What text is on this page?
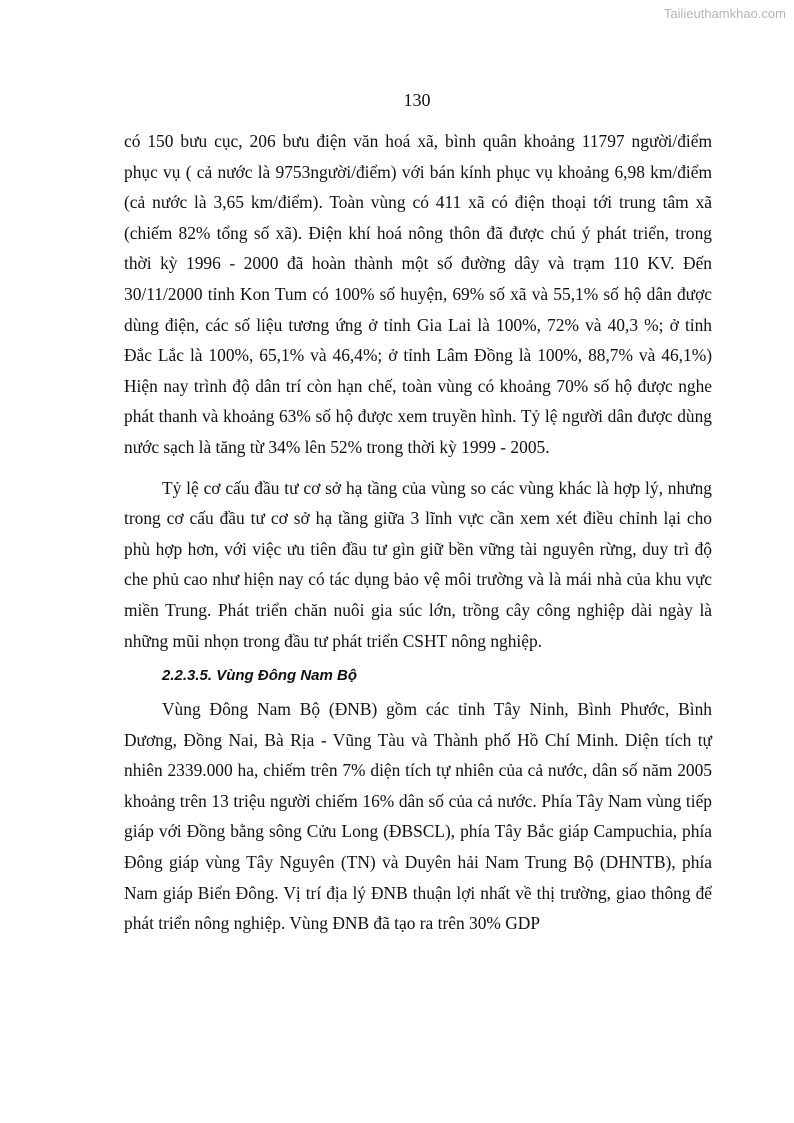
Tailieuthamkhao.com
130

có 150 bưu cục, 206 bưu điện văn hoá xã, bình quân khoảng 11797 người/điểm phục vụ ( cả nước là 9753người/điểm) với bán kính phục vụ khoảng 6,98 km/điểm (cả nước là 3,65 km/điểm). Toàn vùng có 411 xã có điện thoại tới trung tâm xã (chiếm 82% tổng số xã). Điện khí hoá nông thôn đã được chú ý phát triển, trong thời kỳ 1996 - 2000 đã hoàn thành một số đường dây và trạm 110 KV. Đến 30/11/2000 tỉnh Kon Tum có 100% số huyện, 69% số xã và 55,1% số hộ dân được dùng điện, các số liệu tương ứng ở tỉnh Gia Lai là 100%, 72% và 40,3 %; ở tỉnh Đắc Lắc là 100%, 65,1% và 46,4%; ở tỉnh Lâm Đồng là 100%, 88,7% và 46,1%) Hiện nay trình độ dân trí còn hạn chế, toàn vùng có khoảng 70% số hộ được nghe phát thanh và khoảng 63% số hộ được xem truyền hình. Tỷ lệ người dân được dùng nước sạch là tăng từ 34% lên 52% trong thời kỳ 1999 - 2005.

Tỷ lệ cơ cấu đầu tư cơ sở hạ tầng của vùng so các vùng khác là hợp lý, nhưng trong cơ cấu đầu tư cơ sở hạ tầng giữa 3 lĩnh vực cần xem xét điều chỉnh lại cho phù hợp hơn, với việc ưu tiên đầu tư gìn giữ bền vững tài nguyên rừng, duy trì độ che phủ cao như hiện nay có tác dụng bảo vệ môi trường và là mái nhà của khu vực miền Trung. Phát triển chăn nuôi gia súc lớn, trồng cây công nghiệp dài ngày là những mũi nhọn trong đầu tư phát triển CSHT nông nghiệp.

2.2.3.5. Vùng Đông Nam Bộ

Vùng Đông Nam Bộ (ĐNB) gồm các tỉnh Tây Ninh, Bình Phước, Bình Dương, Đồng Nai, Bà Rịa - Vũng Tàu và Thành phố Hồ Chí Minh. Diện tích tự nhiên 2339.000 ha, chiếm trên 7% diện tích tự nhiên của cả nước, dân số năm 2005 khoảng trên 13 triệu người chiếm 16% dân số của cả nước. Phía Tây Nam vùng tiếp giáp với Đồng bằng sông Cửu Long (ĐBSCL), phía Tây Bắc giáp Campuchia, phía Đông giáp vùng Tây Nguyên (TN) và Duyên hải Nam Trung Bộ (DHNTB), phía Nam giáp Biển Đông. Vị trí địa lý ĐNB thuận lợi nhất về thị trường, giao thông để phát triển nông nghiệp. Vùng ĐNB đã tạo ra trên 30% GDP
